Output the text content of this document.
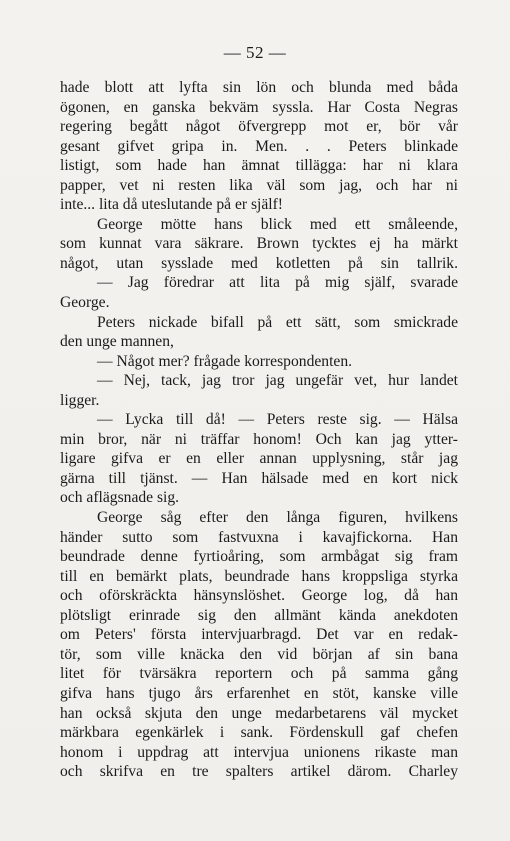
— 52 —
hade blott att lyfta sin lön och blunda med båda
ögonen, en ganska bekväm syssla. Har Costa Negras
regering begått något öfvergrepp mot er, bör vår
gesant gifvet gripa in. Men. . . Peters blinkade
listigt, som hade han ämnat tillägga: har ni klara
papper, vet ni resten lika väl som jag, och har ni
inte... lita då uteslutande på er själf!
George mötte hans blick med ett småleende,
som kunnat vara säkrare. Brown tycktes ej ha märkt
något, utan sysslade med kotletten på sin tallrik.
— Jag föredrar att lita på mig själf, svarade
George.
Peters nickade bifall på ett sätt, som smickrade
den unge mannen,
— Något mer? frågade korrespondenten.
— Nej, tack, jag tror jag ungefär vet, hur landet
ligger.
— Lycka till då! — Peters reste sig. — Hälsa
min bror, när ni träffar honom! Och kan jag ytter-
ligare gifva er en eller annan upplysning, står jag
gärna till tjänst. — Han hälsade med en kort nick
och aflägsnade sig.
George såg efter den långa figuren, hvilkens
händer sutto som fastvuxna i kavajfickorna. Han
beundrade denne fyrtioåring, som armbågat sig fram
till en bemärkt plats, beundrade hans kroppsliga styrka
och oförskräckta hänsynslöshet. George log, då han
plötsligt erinrade sig den allmänt kända anekdoten
om Peters' första intervjuarbragd. Det var en redak-
tör, som ville knäcka den vid början af sin bana
litet för tvärsäkra reportern och på samma gång
gifva hans tjugo års erfarenhet en stöt, kanske ville
han också skjuta den unge medarbetarens väl mycket
märkbara egenkärlek i sank. Fördenskull gaf chefen
honom i uppdrag att intervjua unionens rikaste man
och skrifva en tre spalters artikel därom. Charley
